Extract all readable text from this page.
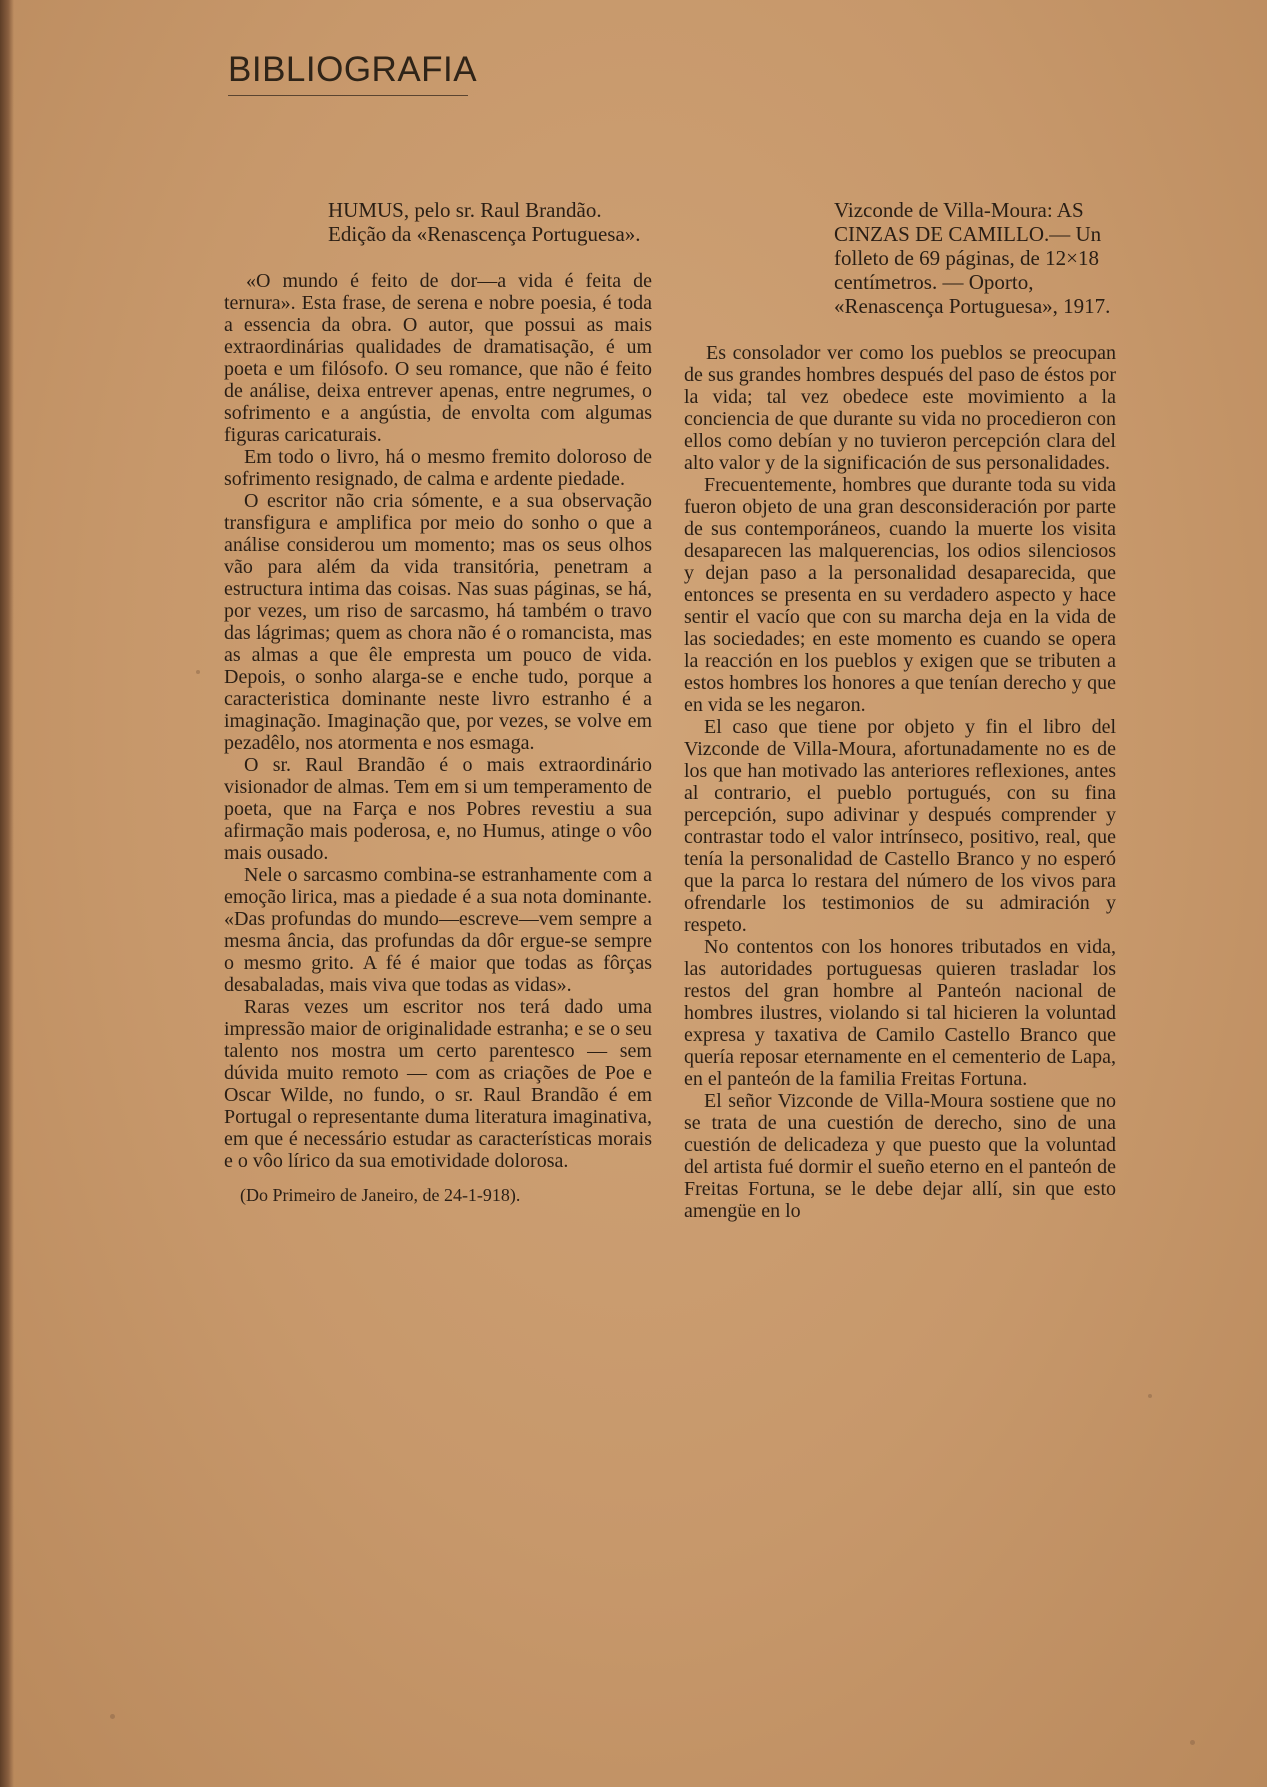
BIBLIOGRAFIA
HUMUS, pelo sr. Raul Brandão. Edição da «Renascença Portuguesa».

«O mundo é feito de dor—a vida é feita de ternura». Esta frase, de serena e nobre poesia, é toda a essencia da obra. O autor, que possui as mais extraordinárias qualidades de dramatisação, é um poeta e um filósofo. O seu romance, que não é feito de análise, deixa entrever apenas, entre negrumes, o sofrimento e a angústia, de envolta com algumas figuras caricaturais.

Em todo o livro, há o mesmo fremito doloroso de sofrimento resignado, de calma e ardente piedade.

O escritor não cria sómente, e a sua observação transfigura e amplifica por meio do sonho o que a análise considerou um momento; mas os seus olhos vão para além da vida transitória, penetram a estructura intima das coisas. Nas suas páginas, se há, por vezes, um riso de sarcasmo, há também o travo das lágrimas; quem as chora não é o romancista, mas as almas a que êle empresta um pouco de vida. Depois, o sonho alarga-se e enche tudo, porque a caracteristica dominante neste livro estranho é a imaginação. Imaginação que, por vezes, se volve em pezadêlo, nos atormenta e nos esmaga.

O sr. Raul Brandão é o mais extraordinário visionador de almas. Tem em si um temperamento de poeta, que na Farça e nos Pobres revestiu a sua afirmação mais poderosa, e, no Humus, atinge o vôo mais ousado.

Nele o sarcasmo combina-se estranhamente com a emoção lirica, mas a piedade é a sua nota dominante. «Das profundas do mundo—escreve—vem sempre a mesma ância, das profundas da dôr ergue-se sempre o mesmo grito. A fé é maior que todas as fôrças desabaladas, mais viva que todas as vidas».

Raras vezes um escritor nos terá dado uma impressão maior de originalidade estranha; e se o seu talento nos mostra um certo parentesco — sem dúvida muito remoto — com as criações de Poe e Oscar Wilde, no fundo, o sr. Raul Brandão é em Portugal o representante duma literatura imaginativa, em que é necessário estudar as características morais e o vôo lírico da sua emotividade dolorosa.

(Do Primeiro de Janeiro, de 24-1-918).
Vizconde de Villa-Moura: AS CINZAS DE CAMILLO.— Un folleto de 69 páginas, de 12×18 centímetros. — Oporto, «Renascença Portuguesa», 1917.

Es consolador ver como los pueblos se preocupan de sus grandes hombres después del paso de éstos por la vida; tal vez obedece este movimiento a la conciencia de que durante su vida no procedieron con ellos como debían y no tuvieron percepción clara del alto valor y de la significación de sus personalidades.

Frecuentemente, hombres que durante toda su vida fueron objeto de una gran desconsideración por parte de sus contemporáneos, cuando la muerte los visita desaparecen las malquerencias, los odios silenciosos y dejan paso a la personalidad desaparecida, que entonces se presenta en su verdadero aspecto y hace sentir el vacío que con su marcha deja en la vida de las sociedades; en este momento es cuando se opera la reacción en los pueblos y exigen que se tributen a estos hombres los honores a que tenían derecho y que en vida se les negaron.

El caso que tiene por objeto y fin el libro del Vizconde de Villa-Moura, afortunadamente no es de los que han motivado las anteriores reflexiones, antes al contrario, el pueblo portugués, con su fina percepción, supo adivinar y después comprender y contrastar todo el valor intrínseco, positivo, real, que tenía la personalidad de Castello Branco y no esperó que la parca lo restara del número de los vivos para ofrendarle los testimonios de su admiración y respeto.

No contentos con los honores tributados en vida, las autoridades portuguesas quieren trasladar los restos del gran hombre al Panteón nacional de hombres ilustres, violando si tal hicieren la voluntad expresa y taxativa de Camilo Castello Branco que quería reposar eternamente en el cementerio de Lapa, en el panteón de la familia Freitas Fortuna.

El señor Vizconde de Villa-Moura sostiene que no se trata de una cuestión de derecho, sino de una cuestión de delicadeza y que puesto que la voluntad del artista fué dormir el sueño eterno en el panteón de Freitas Fortuna, se le debe dejar allí, sin que esto amengüe en lo
